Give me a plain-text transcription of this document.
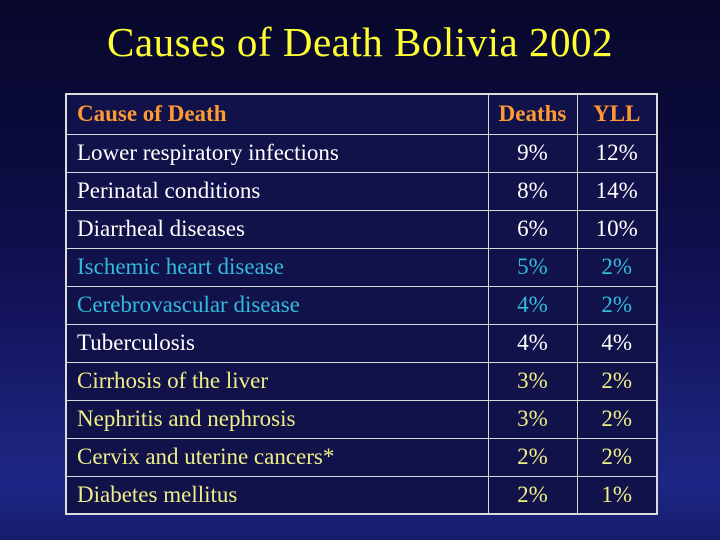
Causes of Death Bolivia 2002
Cause of Death	Deaths	YLL
Lower respiratory infections	9%	12%
Perinatal conditions	8%	14%
Diarrheal diseases	6%	10%
Ischemic heart disease	5%	2%
Cerebrovascular disease	4%	2%
Tuberculosis	4%	4%
Cirrhosis of the liver	3%	2%
Nephritis and nephrosis	3%	2%
Cervix and uterine cancers*	2%	2%
Diabetes mellitus	2%	1%
